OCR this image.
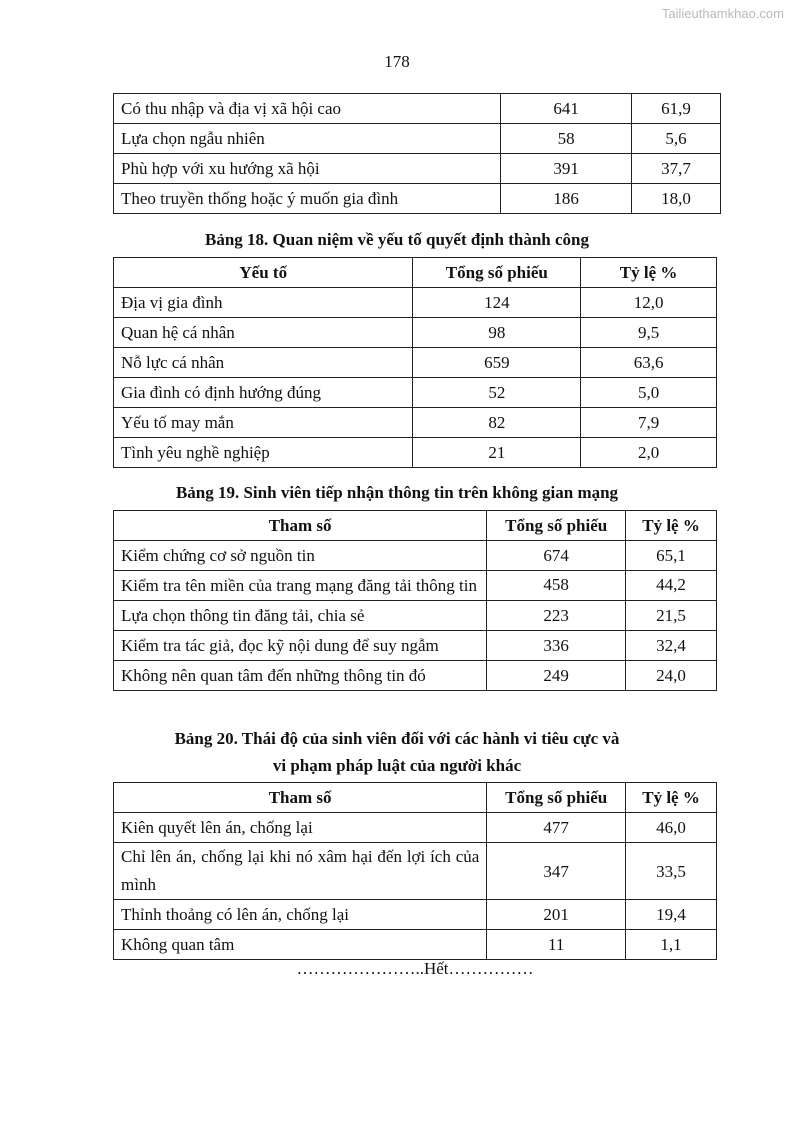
Tailieuthamkhao.com
178
Có thu nhập và địa vị xã hội cao	641	61,9
Lựa chọn ngẫu nhiên	58	5,6
Phù hợp với xu hướng xã hội	391	37,7
Theo truyền thống hoặc ý muốn gia đình	186	18,0
Bảng 18. Quan niệm về yếu tố quyết định thành công
Yếu tố	Tổng số phiếu	Tỷ lệ %
Địa vị gia đình	124	12,0
Quan hệ cá nhân	98	9,5
Nỗ lực cá nhân	659	63,6
Gia đình có định hướng đúng	52	5,0
Yếu tố may mắn	82	7,9
Tình yêu nghề nghiệp	21	2,0
Bảng 19. Sinh viên tiếp nhận thông tin trên không gian mạng
Tham số	Tổng số phiếu	Tỷ lệ %
Kiểm chứng cơ sở nguồn tin	674	65,1
Kiểm tra tên miền của trang mạng đăng tải thông tin	458	44,2
Lựa chọn thông tin đăng tải, chia sẻ	223	21,5
Kiểm tra tác giả, đọc kỹ nội dung để suy ngẫm	336	32,4
Không nên quan tâm đến những thông tin đó	249	24,0
Bảng 20. Thái độ của sinh viên đối với các hành vi tiêu cực và
vi phạm pháp luật của người khác
Tham số	Tổng số phiếu	Tỷ lệ %
Kiên quyết lên án, chống lại	477	46,0
Chỉ lên án, chống lại khi nó xâm hại đến lợi ích của mình	347	33,5
Thỉnh thoảng có lên án, chống lại	201	19,4
Không quan tâm	11	1,1
…………………..Hết……………
